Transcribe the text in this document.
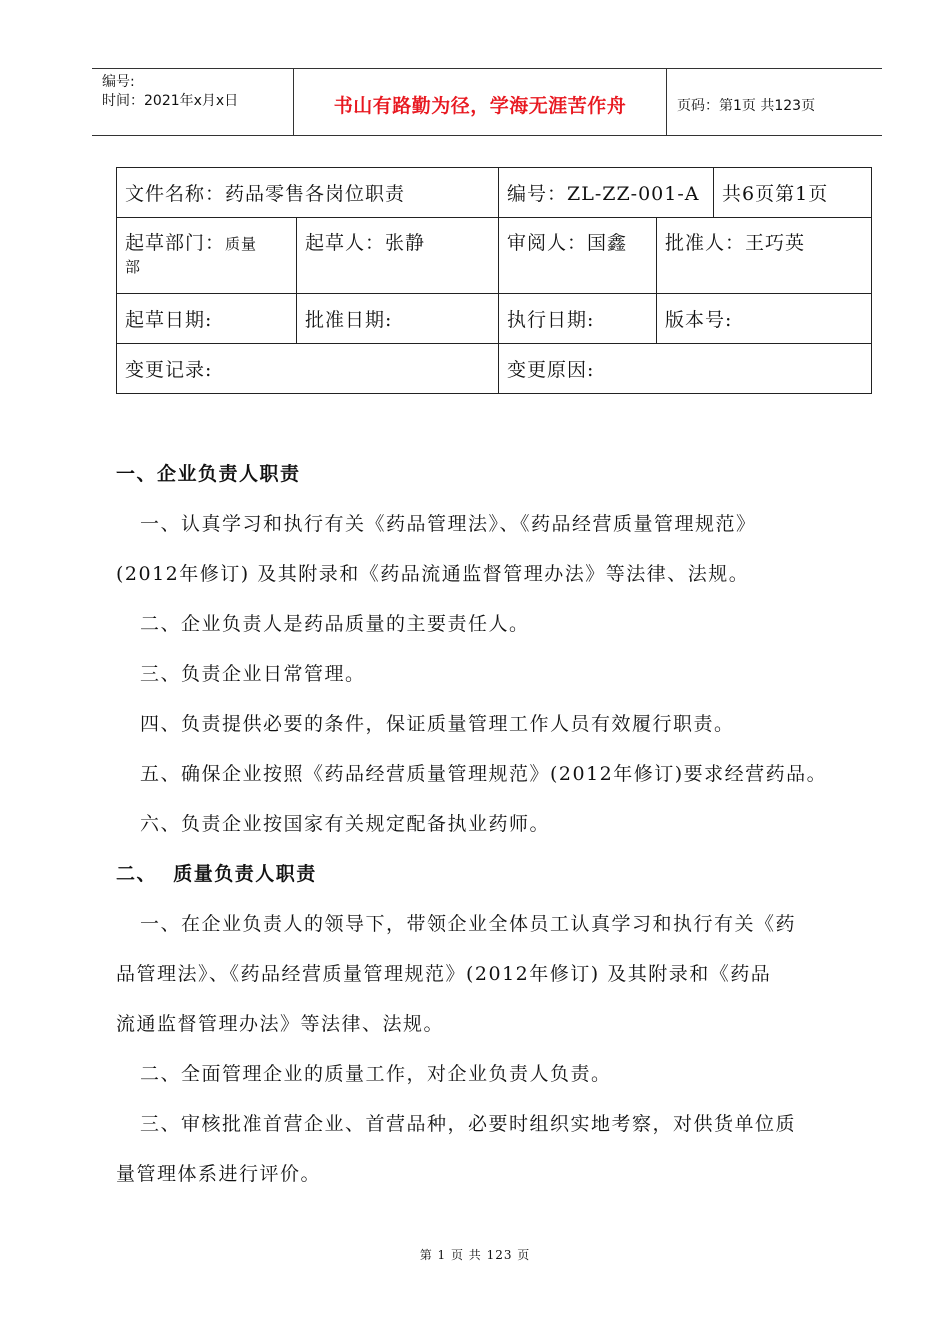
编号:
时间：2021年x月x日	书山有路勤为径，学海无涯苦作舟	页码：第1页 共123页
文件名称：药品零售各岗位职责		编号：ZL-ZZ-001-A		共6页第1页
起草部门：质量
部	起草人：张静	审阅人：国鑫	批准人：王巧英	
起草日期:	批准日期:	执行日期:	版本号:	
变更记录:		变更原因:		
一、企业负责人职责

一、认真学习和执行有关《药品管理法》、《药品经营质量管理规范》

(2012年修订) 及其附录和《药品流通监督管理办法》等法律、法规。

二、企业负责人是药品质量的主要责任人。

三、负责企业日常管理。

四、负责提供必要的条件，保证质量管理工作人员有效履行职责。

五、确保企业按照《药品经营质量管理规范》(2012年修订)要求经营药品。

六、负责企业按国家有关规定配备执业药师。

二、  质量负责人职责

一、在企业负责人的领导下，带领企业全体员工认真学习和执行有关《药

品管理法》、《药品经营质量管理规范》(2012年修订) 及其附录和《药品

流通监督管理办法》等法律、法规。

二、全面管理企业的质量工作，对企业负责人负责。

三、审核批准首营企业、首营品种，必要时组织实地考察，对供货单位质

量管理体系进行评价。

第 1 页 共 123 页
